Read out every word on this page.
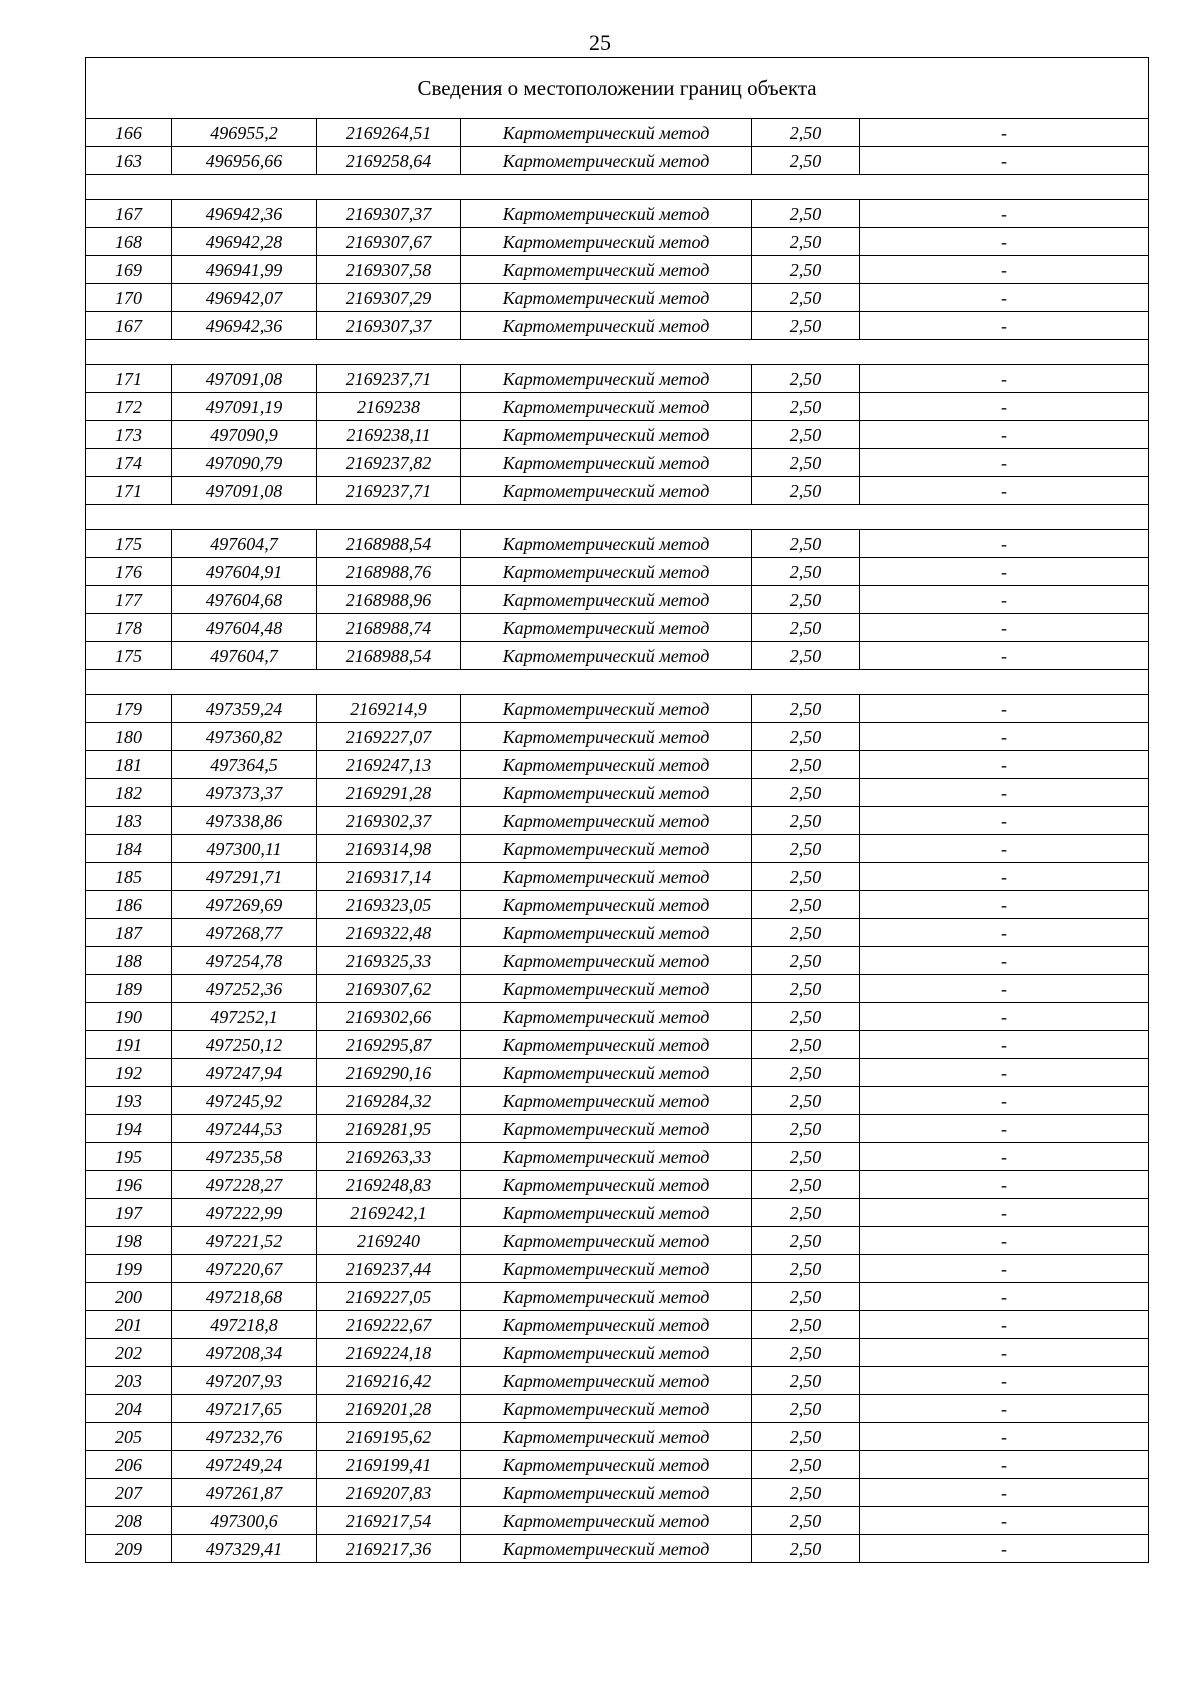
25
Сведения о местоположении границ объекта					
166	496955,2	2169264,51	Картометрический метод	2,50	-
163	496956,66	2169258,64	Картометрический метод	2,50	-

167	496942,36	2169307,37	Картометрический метод	2,50	-
168	496942,28	2169307,67	Картометрический метод	2,50	-
169	496941,99	2169307,58	Картометрический метод	2,50	-
170	496942,07	2169307,29	Картометрический метод	2,50	-
167	496942,36	2169307,37	Картометрический метод	2,50	-

171	497091,08	2169237,71	Картометрический метод	2,50	-
172	497091,19	2169238	Картометрический метод	2,50	-
173	497090,9	2169238,11	Картометрический метод	2,50	-
174	497090,79	2169237,82	Картометрический метод	2,50	-
171	497091,08	2169237,71	Картометрический метод	2,50	-

175	497604,7	2168988,54	Картометрический метод	2,50	-
176	497604,91	2168988,76	Картометрический метод	2,50	-
177	497604,68	2168988,96	Картометрический метод	2,50	-
178	497604,48	2168988,74	Картометрический метод	2,50	-
175	497604,7	2168988,54	Картометрический метод	2,50	-

179	497359,24	2169214,9	Картометрический метод	2,50	-
180	497360,82	2169227,07	Картометрический метод	2,50	-
181	497364,5	2169247,13	Картометрический метод	2,50	-
182	497373,37	2169291,28	Картометрический метод	2,50	-
183	497338,86	2169302,37	Картометрический метод	2,50	-
184	497300,11	2169314,98	Картометрический метод	2,50	-
185	497291,71	2169317,14	Картометрический метод	2,50	-
186	497269,69	2169323,05	Картометрический метод	2,50	-
187	497268,77	2169322,48	Картометрический метод	2,50	-
188	497254,78	2169325,33	Картометрический метод	2,50	-
189	497252,36	2169307,62	Картометрический метод	2,50	-
190	497252,1	2169302,66	Картометрический метод	2,50	-
191	497250,12	2169295,87	Картометрический метод	2,50	-
192	497247,94	2169290,16	Картометрический метод	2,50	-
193	497245,92	2169284,32	Картометрический метод	2,50	-
194	497244,53	2169281,95	Картометрический метод	2,50	-
195	497235,58	2169263,33	Картометрический метод	2,50	-
196	497228,27	2169248,83	Картометрический метод	2,50	-
197	497222,99	2169242,1	Картометрический метод	2,50	-
198	497221,52	2169240	Картометрический метод	2,50	-
199	497220,67	2169237,44	Картометрический метод	2,50	-
200	497218,68	2169227,05	Картометрический метод	2,50	-
201	497218,8	2169222,67	Картометрический метод	2,50	-
202	497208,34	2169224,18	Картометрический метод	2,50	-
203	497207,93	2169216,42	Картометрический метод	2,50	-
204	497217,65	2169201,28	Картометрический метод	2,50	-
205	497232,76	2169195,62	Картометрический метод	2,50	-
206	497249,24	2169199,41	Картометрический метод	2,50	-
207	497261,87	2169207,83	Картометрический метод	2,50	-
208	497300,6	2169217,54	Картометрический метод	2,50	-
209	497329,41	2169217,36	Картометрический метод	2,50	-
